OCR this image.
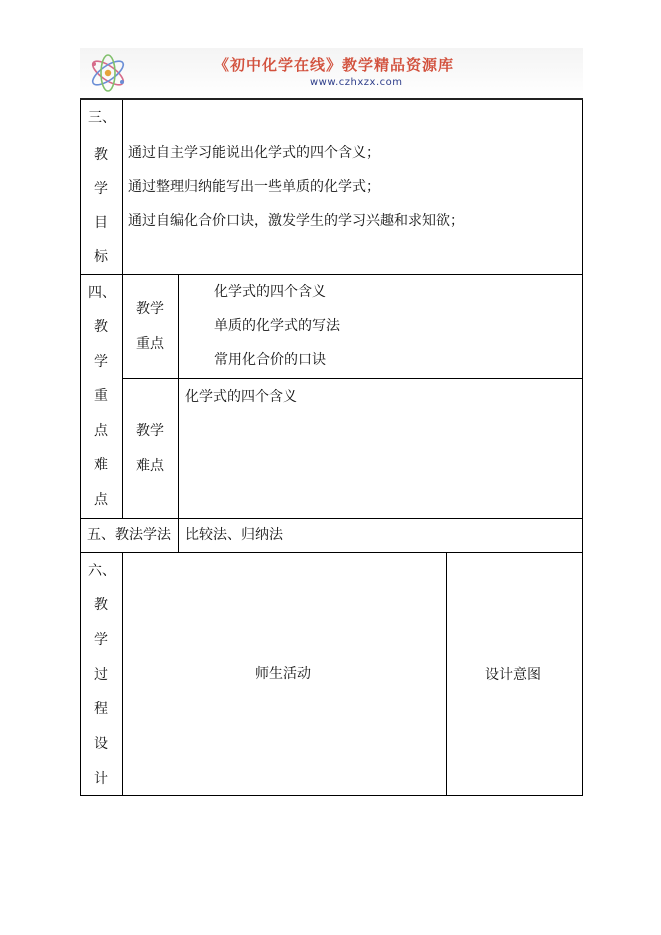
《初中化学在线》教学精品资源库
www.czhxzx.com
三、
教
学
目
标
通过自主学习能说出化学式的四个含义；
通过整理归纳能写出一些单质的化学式；
通过自编化合价口诀，激发学生的学习兴趣和求知欲；
四、
教
学
重
点
难
点
教学
重点
化学式的四个含义
单质的化学式的写法
常用化合价的口诀
教学
难点
化学式的四个含义
五、教法学法 比较法、归纳法
六、
教
学
过
程
设
计
师生活动	设计意图
